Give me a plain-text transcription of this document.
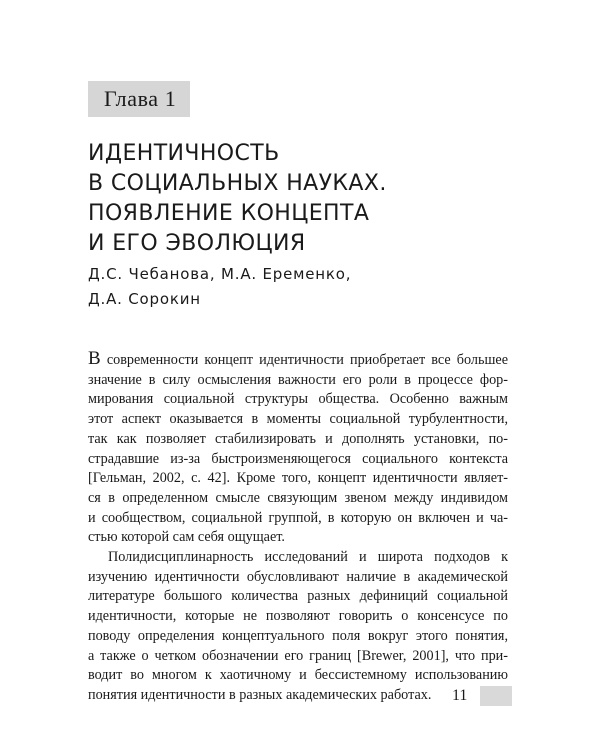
Глава 1
ИДЕНТИЧНОСТЬ
В СОЦИАЛЬНЫХ НАУКАХ.
ПОЯВЛЕНИЕ КОНЦЕПТА
И ЕГО ЭВОЛЮЦИЯ
Д.С. Чебанова, М.А. Еременко,
Д.А. Сорокин
В современности концепт идентичности приобретает все большее
значение в силу осмысления важности его роли в процессе фор-
мирования социальной структуры общества. Особенно важным
этот аспект оказывается в моменты социальной турбулентности,
так как позволяет стабилизировать и дополнять установки, по-
страдавшие из-за быстроизменяющегося социального контекста
[Гельман, 2002, с. 42]. Кроме того, концепт идентичности являет-
ся в определенном смысле связующим звеном между индивидом
и сообществом, социальной группой, в которую он включен и ча-
стью которой сам себя ощущает.
Полидисциплинарность исследований и широта подходов к
изучению идентичности обусловливают наличие в академической
литературе большого количества разных дефиниций социальной
идентичности, которые не позволяют говорить о консенсусе по
поводу определения концептуального поля вокруг этого понятия,
а также о четком обозначении его границ [Brewer, 2001], что при-
водит во многом к хаотичному и бессистемному использованию
понятия идентичности в разных академических работах.	11
